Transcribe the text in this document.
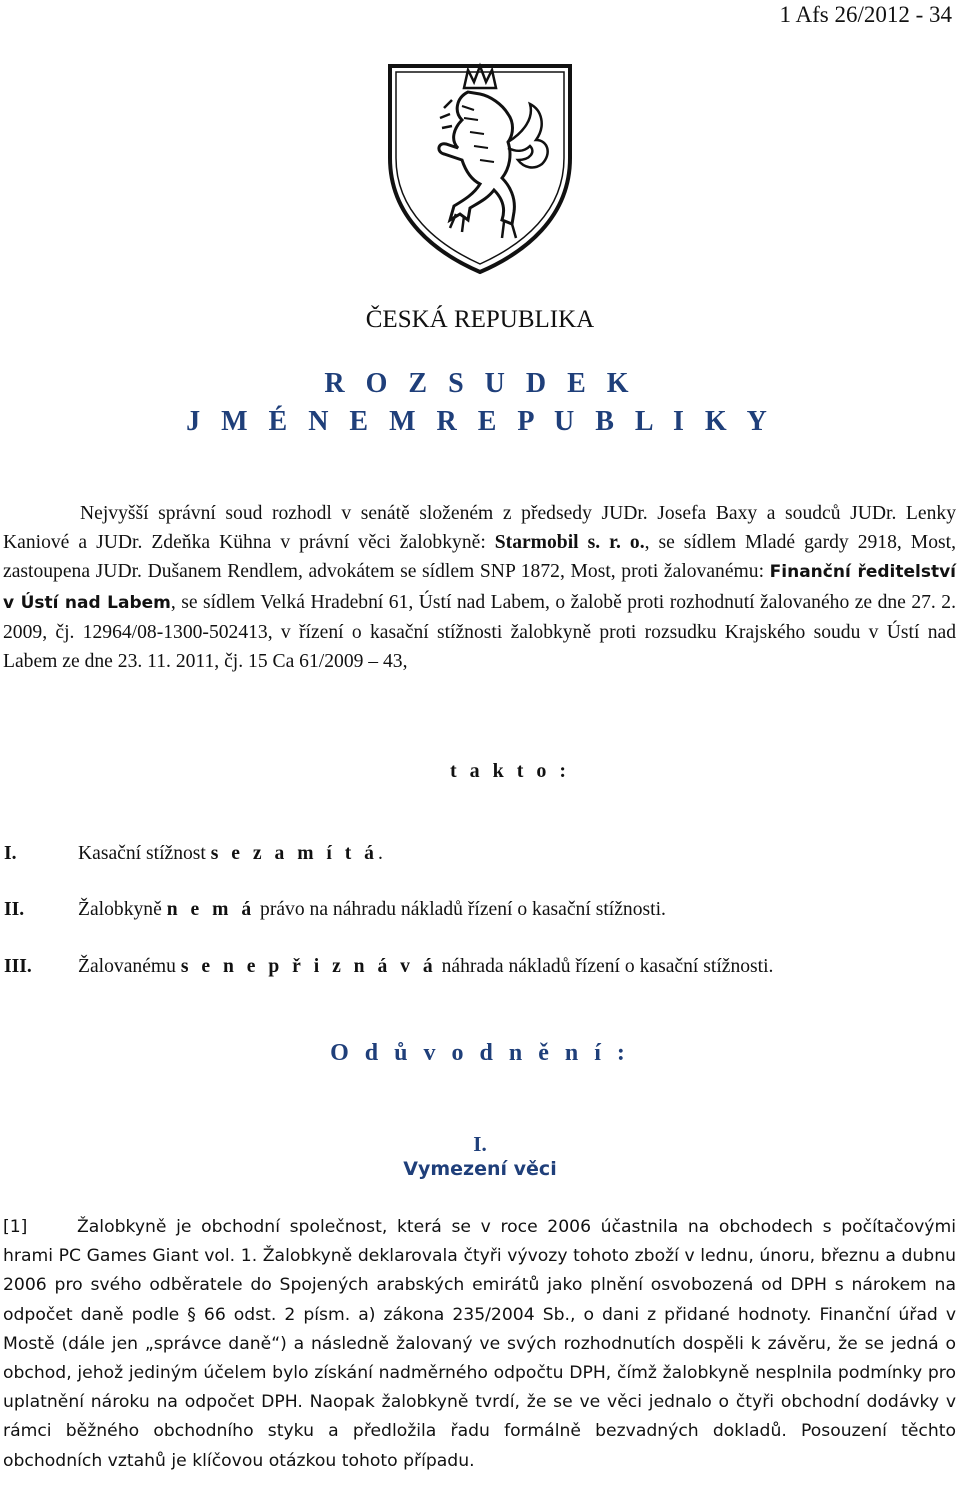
1 Afs 26/2012 - 34
ČESKÁ REPUBLIKA
R O Z S U D E K
J M É N E M R E P U B L I K Y

Nejvyšší správní soud rozhodl v senátě složeném z předsedy JUDr. Josefa Baxy a soudců JUDr. Lenky Kaniové a JUDr. Zdeňka Kühna v právní věci žalobkyně: Starmobil s. r. o., se sídlem Mladé gardy 2918, Most, zastoupena JUDr. Dušanem Rendlem, advokátem se sídlem SNP 1872, Most, proti žalovanému: Finanční ředitelství v Ústí nad Labem, se sídlem Velká Hradební 61, Ústí nad Labem, o žalobě proti rozhodnutí žalovaného ze dne 27. 2. 2009, čj. 12964/08-1300-502413, v řízení o kasační stížnosti žalobkyně proti rozsudku Krajského soudu v Ústí nad Labem ze dne 23. 11. 2011, čj. 15 Ca 61/2009 – 43,

t a k t o :
I.	Kasační stížnost s e z a m í t á.
II.	Žalobkyně n e m á právo na náhradu nákladů řízení o kasační stížnosti.
III. Žalovanému s e n e p ř i z n á v á náhrada nákladů řízení o kasační stížnosti.
O d ů v o d n ě n í :
I.
Vymezení věci
[1]	Žalobkyně je obchodní společnost, která se v roce 2006 účastnila na obchodech s počítačovými hrami PC Games Giant vol. 1. Žalobkyně deklarovala čtyři vývozy tohoto zboží v lednu, únoru, březnu a dubnu 2006 pro svého odběratele do Spojených arabských emirátů jako plnění osvobozená od DPH s nárokem na odpočet daně podle § 66 odst. 2 písm. a) zákona 235/2004 Sb., o dani z přidané hodnoty. Finanční úřad v Mostě (dále jen „správce daně“) a následně žalovaný ve svých rozhodnutích dospěli k závěru, že se jedná o obchod, jehož jediným účelem bylo získání nadměrného odpočtu DPH, čímž žalobkyně nesplnila podmínky pro uplatnění nároku na odpočet DPH. Naopak žalobkyně tvrdí, že se ve věci jednalo o čtyři obchodní dodávky v rámci běžného obchodního styku a předložila řadu formálně bezvadných dokladů. Posouzení těchto obchodních vztahů je klíčovou otázkou tohoto případu.
